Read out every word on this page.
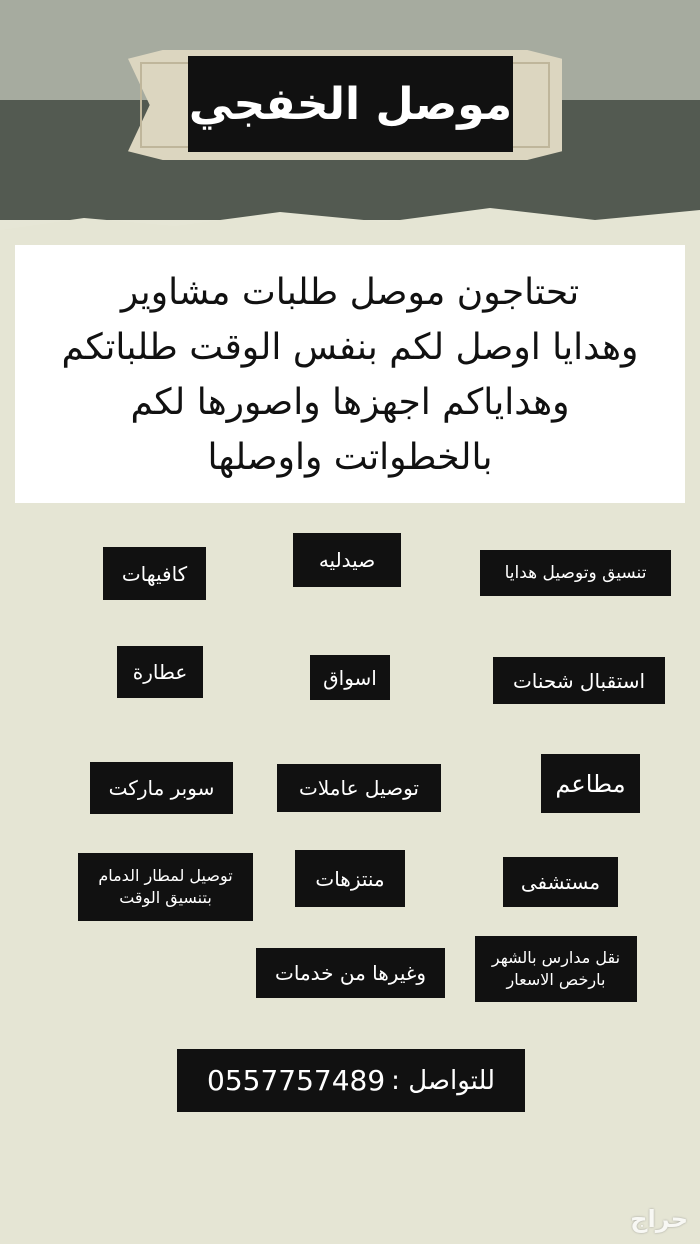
موصل الخفجي
تحتاجون موصل طلبات مشاوير
وهدايا اوصل لكم بنفس الوقت طلباتكم
وهداياكم اجهزها واصورها لكم
بالخطواتت واوصلها
كافيهات
صيدليه
تنسيق وتوصيل هدايا
عطارة	اسواق	استقبال شحنات
سوبر ماركت	توصيل عاملات	مطاعم
توصيل لمطار الدمام بتنسيق الوقت
منتزهات	مستشفى
وغيرها من خدمات
نقل مدارس بالشهر بارخص الاسعار
للتواصل :
0557757489
حراج
